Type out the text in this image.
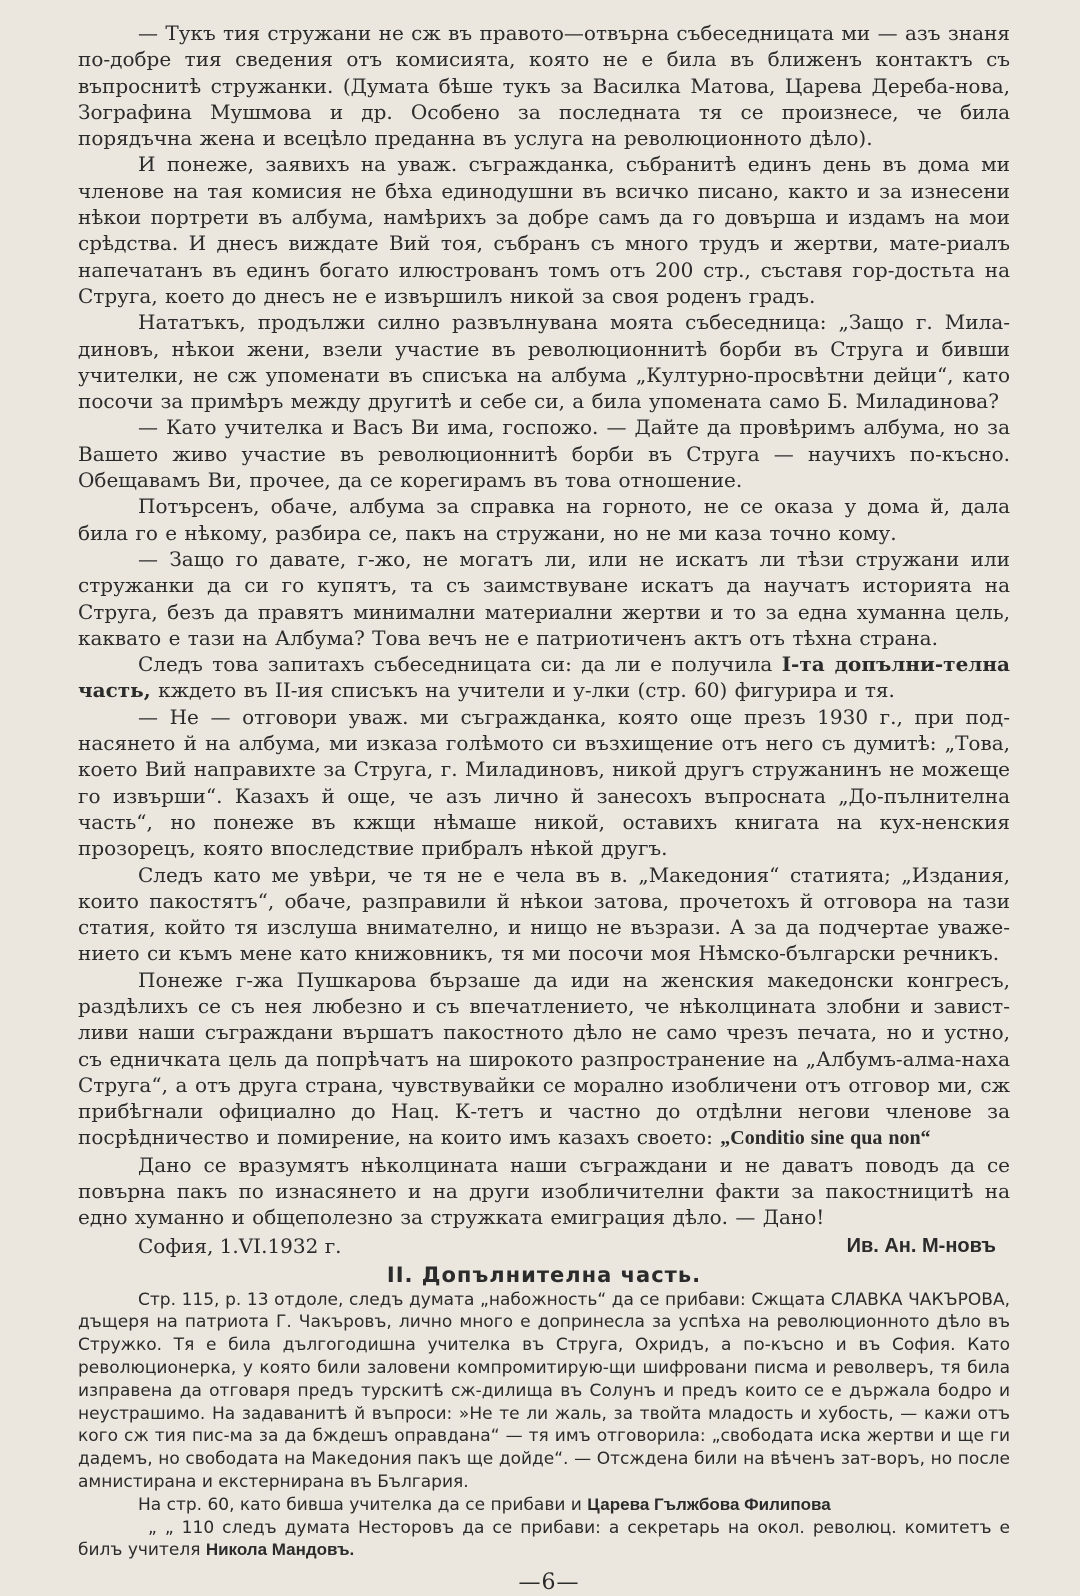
— Тукъ тия стружани не сж въ правото—отвърна събеседницата ми — азъ знаня по-добре тия сведения отъ комисията, която не е била въ ближенъ контактъ съ въпроснитѣ стружанки. (Думата бѣше тукъ за Василка Матова, Царева Дереба-нова, Зографина Мушмова и др. Особено за последната тя се произнесе, че била порядъчна жена и всецѣло преданна въ услуга на революционното дѣло).

И понеже, заявихъ на уваж. съгражданка, събранитѣ единъ день въ дома ми членове на тая комисия не бѣха единодушни въ всичко писано, както и за изнесени нѣкои портрети въ албума, намѣрихъ за добре самъ да го довърша и издамъ на мои срѣдства. И днесъ виждате Вий тоя, събранъ съ много трудъ и жертви, мате-риалъ напечатанъ въ единъ богато илюстрованъ томъ отъ 200 стр., съставя гор-достьта на Струга, което до днесъ не е извършилъ никой за своя роденъ градъ.

Нататъкъ, продължи силно развълнувана моята събеседница: „Защо г. Мила-диновъ, нѣкои жени, взели участие въ революционнитѣ борби въ Струга и бивши учителки, не сж упоменати въ списъка на албума „Културно-просвѣтни дейци“, като посочи за примѣръ между другитѣ и себе си, а била упомената само Б. Миладинова?

— Като учителка и Васъ Ви има, госпожо. — Дайте да провѣримъ албума, но за Вашето живо участие въ революционнитѣ борби въ Струга — научихъ по-късно. Обещавамъ Ви, прочее, да се корегирамъ въ това отношение.

Потърсенъ, обаче, албума за справка на горното, не се оказа у дома й, дала била го е нѣкому, разбира се, пакъ на стружани, но не ми каза точно кому.

— Защо го давате, г-жо, не могатъ ли, или не искатъ ли тѣзи стружани или стружанки да си го купятъ, та съ заимствуване искатъ да научатъ историята на Струга, безъ да правятъ минимални материални жертви и то за една хуманна цель, каквато е тази на Албума? Това вечъ не е патриотиченъ актъ отъ тѣхна страна.

Следъ това запитахъ събеседницата си: да ли е получила I-та допълни-телна часть, кждето въ II-ия списъкъ на учители и у-лки (стр. 60) фигурира и тя.

— Не — отговори уваж. ми съгражданка, която още презъ 1930 г., при под-насянето й на албума, ми изказа голѣмото си възхищение отъ него съ думитѣ: „Това, което Вий направихте за Струга, г. Миладиновъ, никой другъ стружанинъ не можеще го извърши“. Казахъ й още, че азъ лично й занесохъ въпросната „До-пълнителна часть“, но понеже въ кжщи нѣмаше никой, оставихъ книгата на кух-ненския прозорецъ, която впоследствие прибралъ нѣкой другъ.

Следъ като ме увѣри, че тя не е чела въ в. „Македония“ статията; „Издания, които пакостятъ“, обаче, разправили й нѣкои затова, прочетохъ й отговора на тази статия, който тя изслуша внимателно, и нищо не възрази. А за да подчертае уваже-нието си къмъ мене като книжовникъ, тя ми посочи моя Нѣмско-български речникъ.

Понеже г-жа Пушкарова бързаше да иди на женския македонски конгресъ, раздѣлихъ се съ нея любезно и съ впечатлението, че нѣколцината злобни и завист-ливи наши съграждани вършатъ пакостното дѣло не само чрезъ печата, но и устно, съ едничката цель да попрѣчатъ на широкото разпространение на „Албумъ-алма-наха Струга“, а отъ друга страна, чувствувайки се морално изобличени отъ отговор ми, сж прибѣгнали официално до Нац. К-тетъ и частно до отдѣлни негови членове за посрѣдничество и помирение, на които имъ казахъ своето: „Conditio sine qua non“

Дано се вразумятъ нѣколцината наши съграждани и не даватъ поводъ да се повърна пакъ по изнасянето и на други изобличителни факти за пакостницитѣ на едно хуманно и общеполезно за стружката емиграция дѣло. — Дано!

София, 1.VI.1932 г.	Ив. Ан. М-новъ
II. Допълнителна часть.

Стр. 115, р. 13 отдоле, следъ думата „набожность“ да се прибави: Сжщата СЛАВКА ЧАКЪРОВА, дъщеря на патриота Г. Чакъровъ, лично много е допринесла за успѣха на революционното дѣло въ Стружко. Тя е била дългогодишна учителка въ Струга, Охридъ, а по-късно и въ София. Като революционерка, у която били заловени компромитирую-щи шифровани писма и револверъ, тя била изправена да отговаря предъ турскитѣ сж-дилища въ Солунъ и предъ които се е държала бодро и неустрашимо. На задаванитѣ й въпроси: »Не те ли жаль, за твойта младость и хубость, — кажи отъ кого сж тия пис-ма за да бждешъ оправдана“ — тя имъ отговорила: „свободата иска жертви и ще ги дадемъ, но свободата на Македония пакъ ще дойде“. — Отсждена били на вѣченъ зат-воръ, но после амнистирана и екстернирана въ България.

На стр. 60, като бивша учителка да се прибави и Царева Гължбова Филипова

„ „ 110 следъ думата Несторовъ да се прибави: а секретарь на окол. революц. комитетъ е билъ учителя Никола Мандовъ.

—6—
